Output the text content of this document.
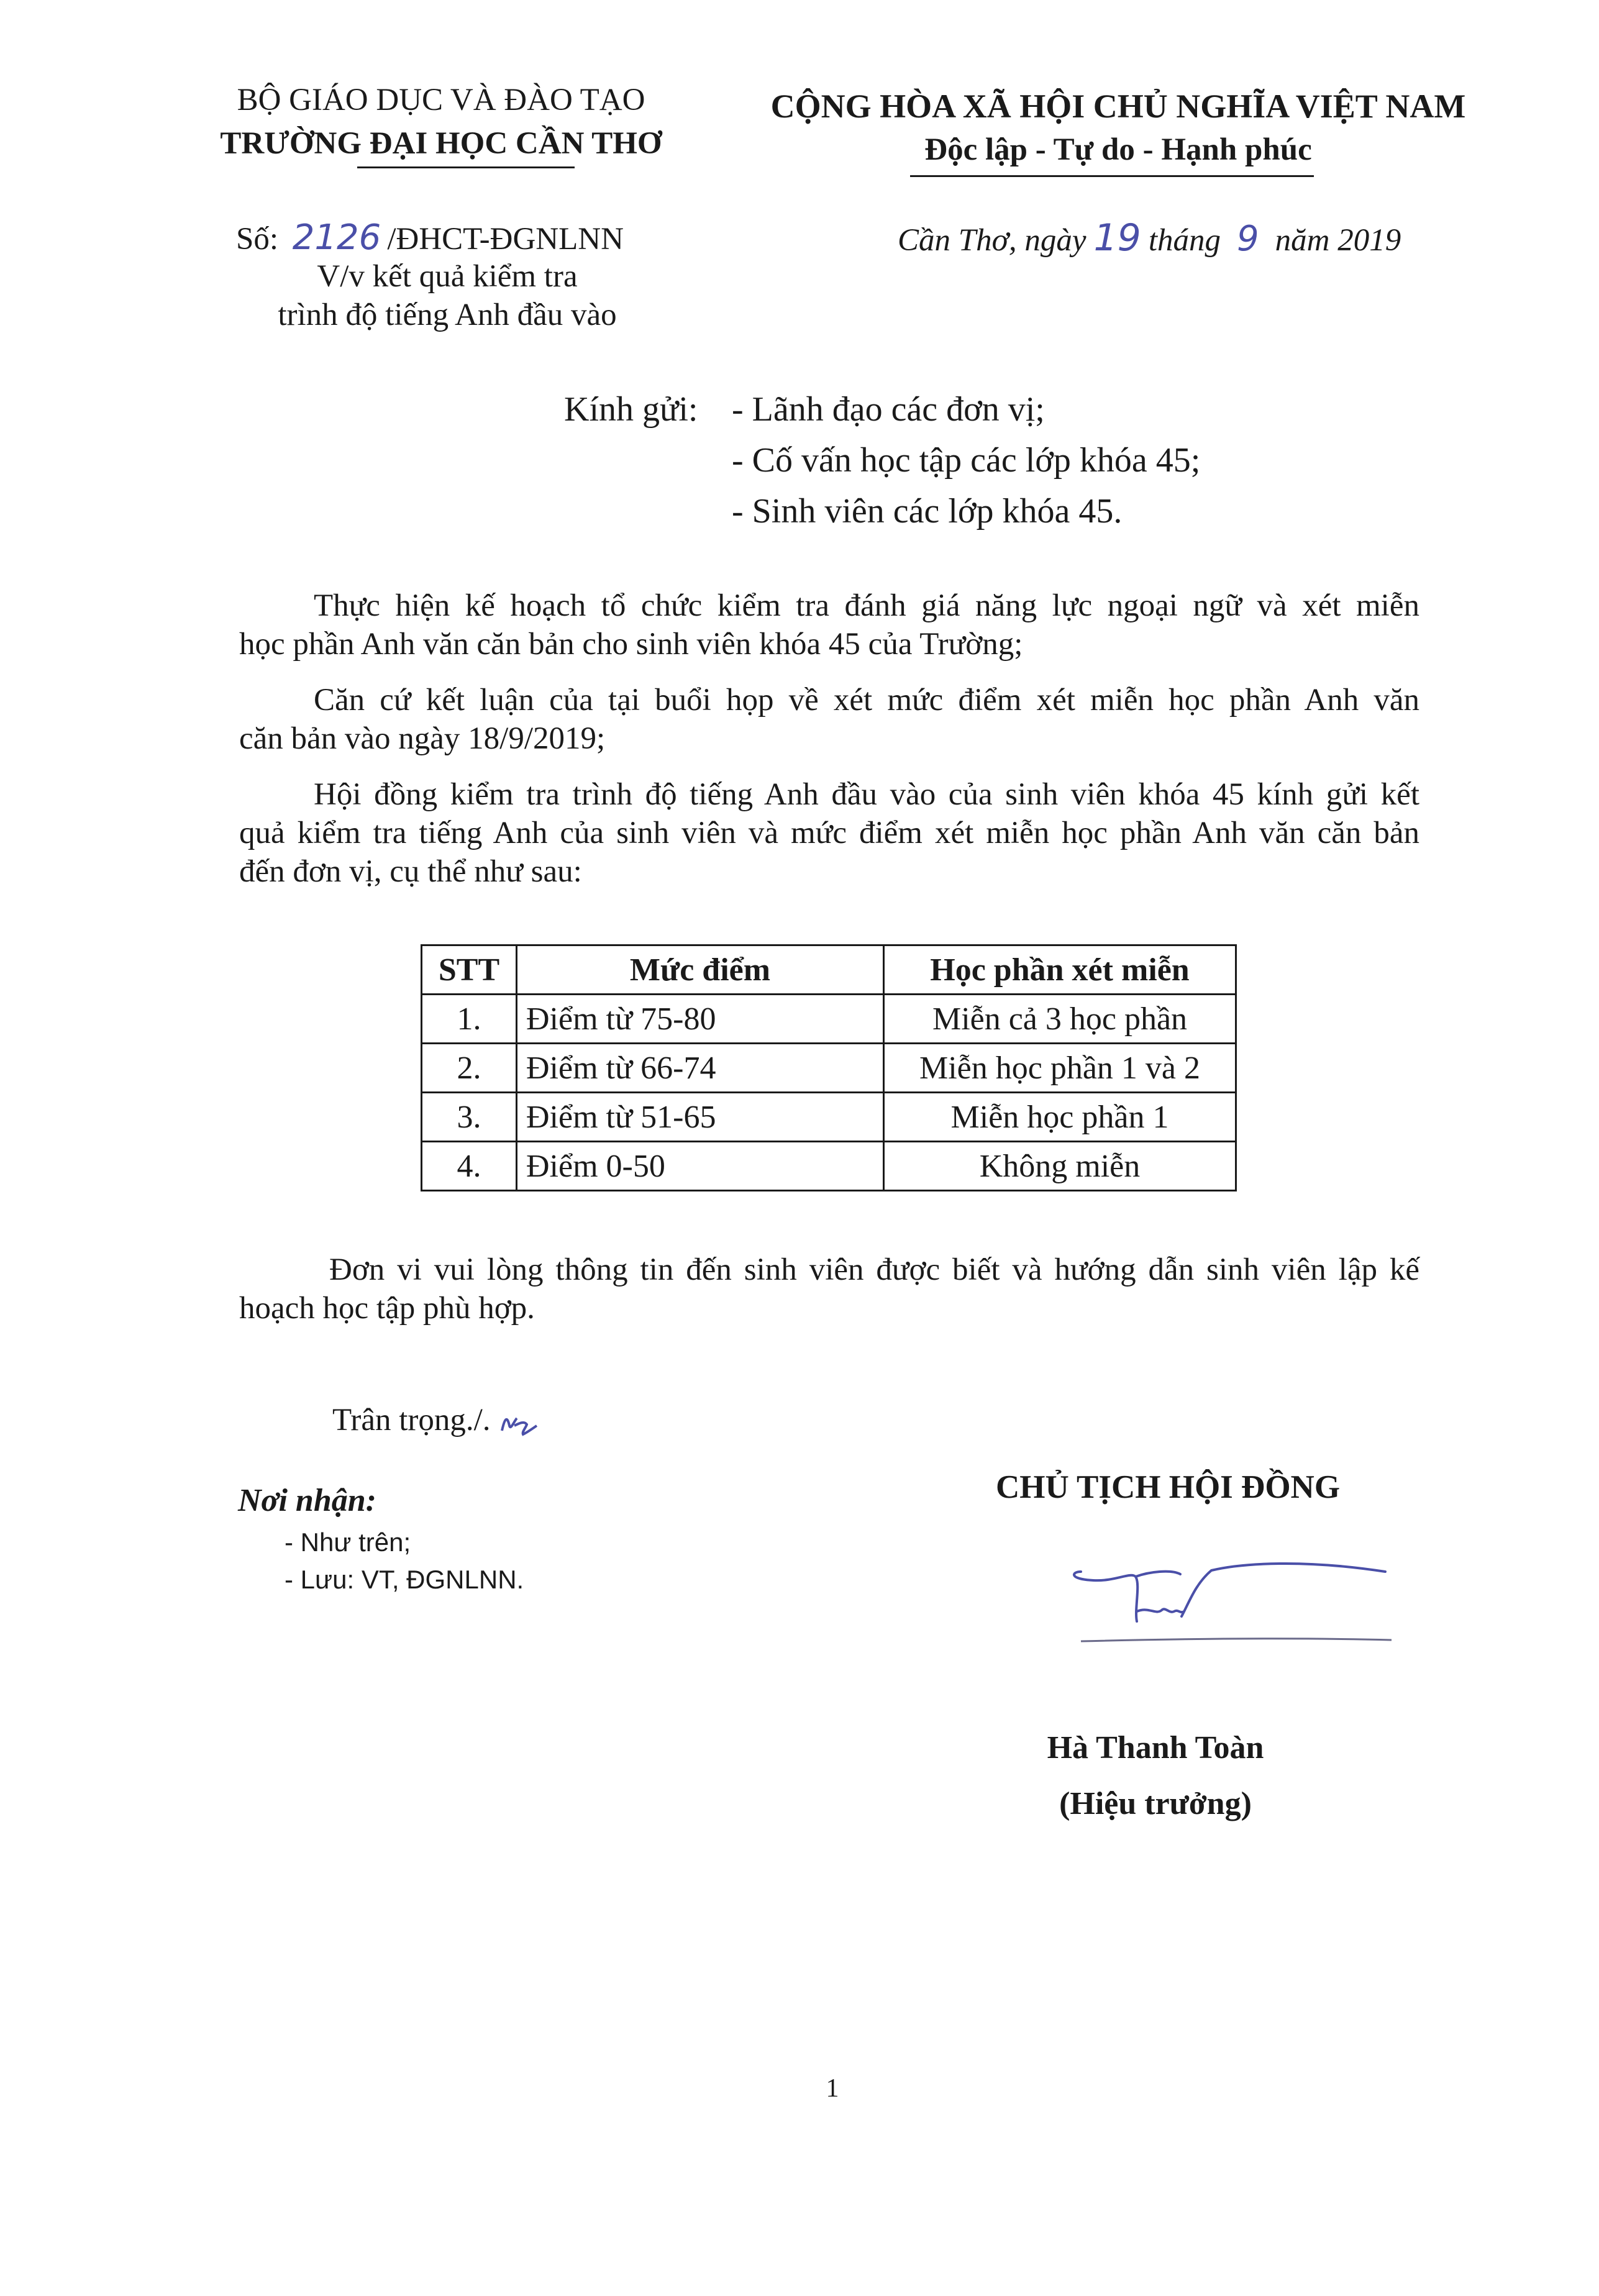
BỘ GIÁO DỤC VÀ ĐÀO TẠO
TRƯỜNG ĐẠI HỌC CẦN THƠ
CỘNG HÒA XÃ HỘI CHỦ NGHĨA VIỆT NAM
Độc lập - Tự do - Hạnh phúc
Số: 2126 /ĐHCT-ĐGNLNN
V/v kết quả kiểm tra
trình độ tiếng Anh đầu vào
Cần Thơ, ngày 19 tháng 9 năm 2019
Kính gửi: - Lãnh đạo các đơn vị;
- Cố vấn học tập các lớp khóa 45;
- Sinh viên các lớp khóa 45.
Thực hiện kế hoạch tổ chức kiểm tra đánh giá năng lực ngoại ngữ và xét miễn
học phần Anh văn căn bản cho sinh viên khóa 45 của Trường;
Căn cứ kết luận của tại buổi họp về xét mức điểm xét miễn học phần Anh văn
căn bản vào ngày 18/9/2019;
Hội đồng kiểm tra trình độ tiếng Anh đầu vào của sinh viên khóa 45 kính gửi kết
quả kiểm tra tiếng Anh của sinh viên và mức điểm xét miễn học phần Anh văn căn bản
đến đơn vị, cụ thể như sau:
STT	Mức điểm	Học phần xét miễn
1.	Điểm từ 75-80	Miễn cả 3 học phần
2.	Điểm từ 66-74	Miễn học phần 1 và 2
3.	Điểm từ 51-65	Miễn học phần 1
4.	Điểm 0-50	Không miễn
Đơn vi vui lòng thông tin đến sinh viên được biết và hướng dẫn sinh viên lập kế
hoạch học tập phù hợp.
Trân trọng./.
Nơi nhận:
- Như trên;
- Lưu: VT, ĐGNLNN.
CHỦ TỊCH HỘI ĐỒNG
Hà Thanh Toàn
(Hiệu trưởng)
1
